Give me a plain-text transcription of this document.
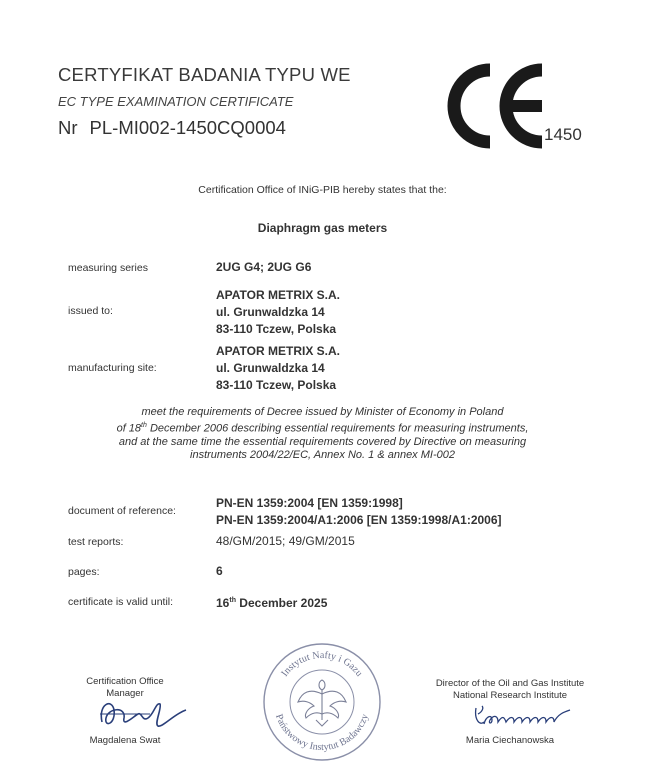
CERTYFIKAT BADANIA TYPU WE
EC TYPE EXAMINATION CERTIFICATE
Nr PL-MI002-1450CQ0004	1450
Certification Office of INiG-PIB hereby states that the:
Diaphragm gas meters
measuring series	2UG G4; 2UG G6
issued to:
APATOR METRIX S.A.
ul. Grunwaldzka 14
83-110 Tczew, Polska
manufacturing site:
APATOR METRIX S.A.
ul. Grunwaldzka 14
83-110 Tczew, Polska
meet the requirements of Decree issued by Minister of Economy in Poland
of 18th December 2006 describing essential requirements for measuring instruments,
and at the same time the essential requirements covered by Directive on measuring
instruments 2004/22/EC, Annex No. 1 & annex MI-002
document of reference:
PN-EN 1359:2004 [EN 1359:1998]
PN-EN 1359:2004/A1:2006 [EN 1359:1998/A1:2006]
test reports:	48/GM/2015; 49/GM/2015
pages:	6
certificate is valid until:	16th December 2025
Certification Office
Manager
Magdalena Swat
Instytut Nafty i Gazu
Państwowy Instytut Badawczy
Director of the Oil and Gas Institute
National Research Institute
Maria Ciechanowska
